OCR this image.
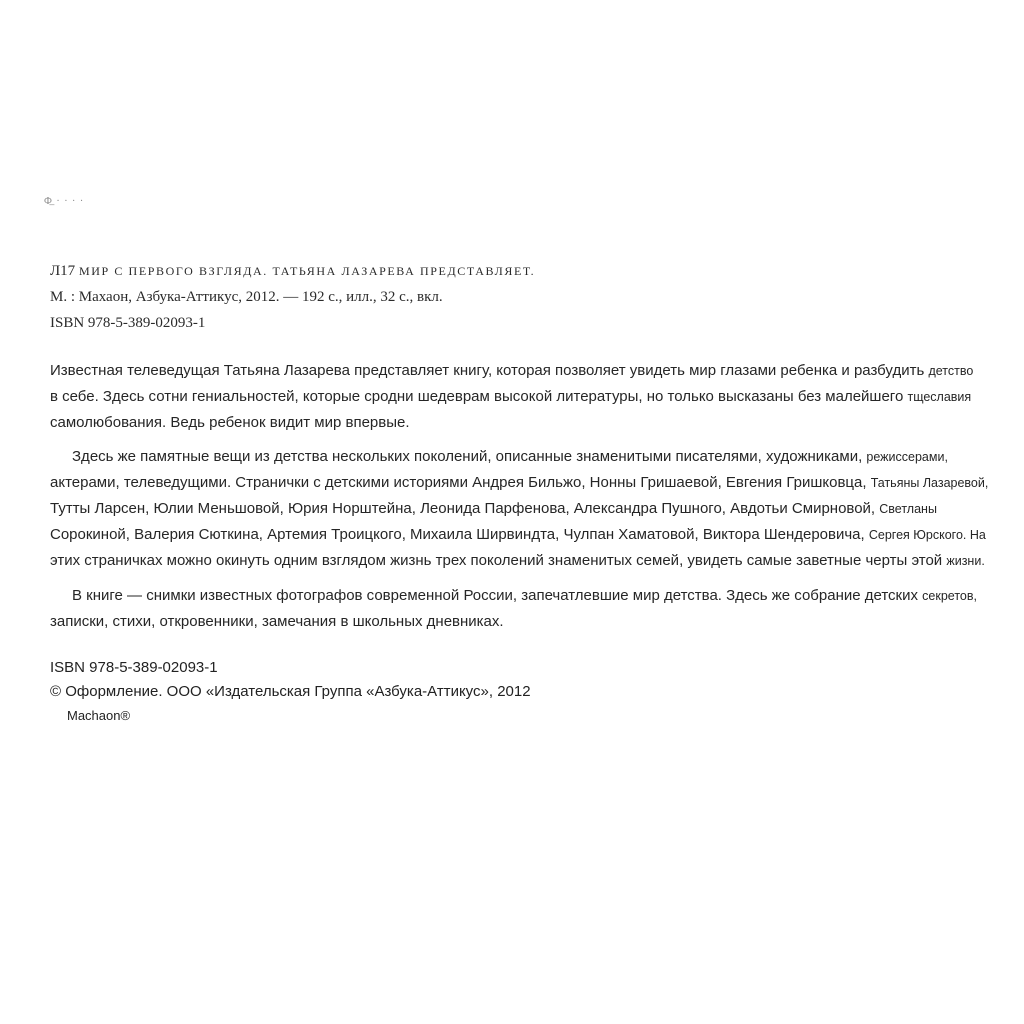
Ф̲ · · · ·
Л17 МИР С ПЕРВОГО ВЗГЛЯДА. ТАТЬЯНА ЛАЗАРЕВА ПРЕДСТАВЛЯЕТ.
М. : Махаон, Азбука-Аттикус, 2012. — 192 с., илл., 32 с., вкл.
ISBN 978-5-389-02093-1

Известная телеведущая Татьяна Лазарева представляет книгу, которая позволяет увидеть мир глазами ребенка и разбудить детство
в себе. Здесь сотни гениальностей, которые сродни шедеврам высокой литературы, но только высказаны без малейшего тщеславия
самолюбования. Ведь ребенок видит мир впервые.

Здесь же памятные вещи из детства нескольких поколений, описанные знаменитыми писателями, художниками, режиссерами,
актерами, телеведущими. Странички с детскими историями Андрея Бильжо, Нонны Гришаевой, Евгения Гришковца, Татьяны Лазаревой,
Тутты Ларсен, Юлии Меньшовой, Юрия Норштейна, Леонида Парфенова, Александра Пушного, Авдотьи Смирновой, Светланы
Сорокиной, Валерия Сюткина, Артемия Троицкого, Михаила Ширвиндта, Чулпан Хаматовой, Виктора Шендеровича, Сергея Юрского. На
этих страничках можно окинуть одним взглядом жизнь трех поколений знаменитых семей, увидеть самые заветные черты этой жизни.

В книге — снимки известных фотографов современной России, запечатлевшие мир детства. Здесь же собрание детских секретов,
записки, стихи, откровенники, замечания в школьных дневниках.

ISBN 978-5-389-02093-1
© Оформление. ООО «Издательская Группа «Азбука-Аттикус», 2012
Machaon®
